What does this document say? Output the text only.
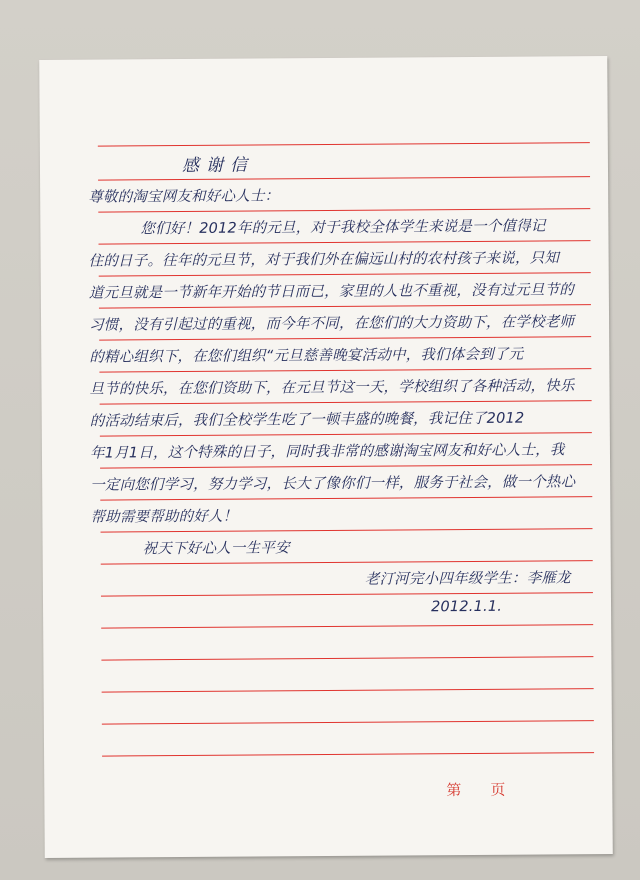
感谢信
尊敬的淘宝网友和好心人士：
您们好！2012年的元旦，对于我校全体学生来说是一个值得记
住的日子。往年的元旦节，对于我们外在偏远山村的农村孩子来说，只知
道元旦就是一节新年开始的节日而已，家里的人也不重视，没有过元旦节的
习惯，没有引起过的重视，而今年不同，在您们的大力资助下，在学校老师
的精心组织下，在您们组织“元旦慈善晚宴活动中，我们体会到了元
旦节的快乐，在您们资助下，在元旦节这一天，学校组织了各种活动，快乐
的活动结束后，我们全校学生吃了一顿丰盛的晚餐，我记住了2012
年1月1日，这个特殊的日子，同时我非常的感谢淘宝网友和好心人士，我
一定向您们学习，努力学习，长大了像你们一样，服务于社会，做一个热心
帮助需要帮助的好人！
祝天下好心人一生平安
老汀河完小四年级学生：李雁龙
2012.1.1.
第 页
